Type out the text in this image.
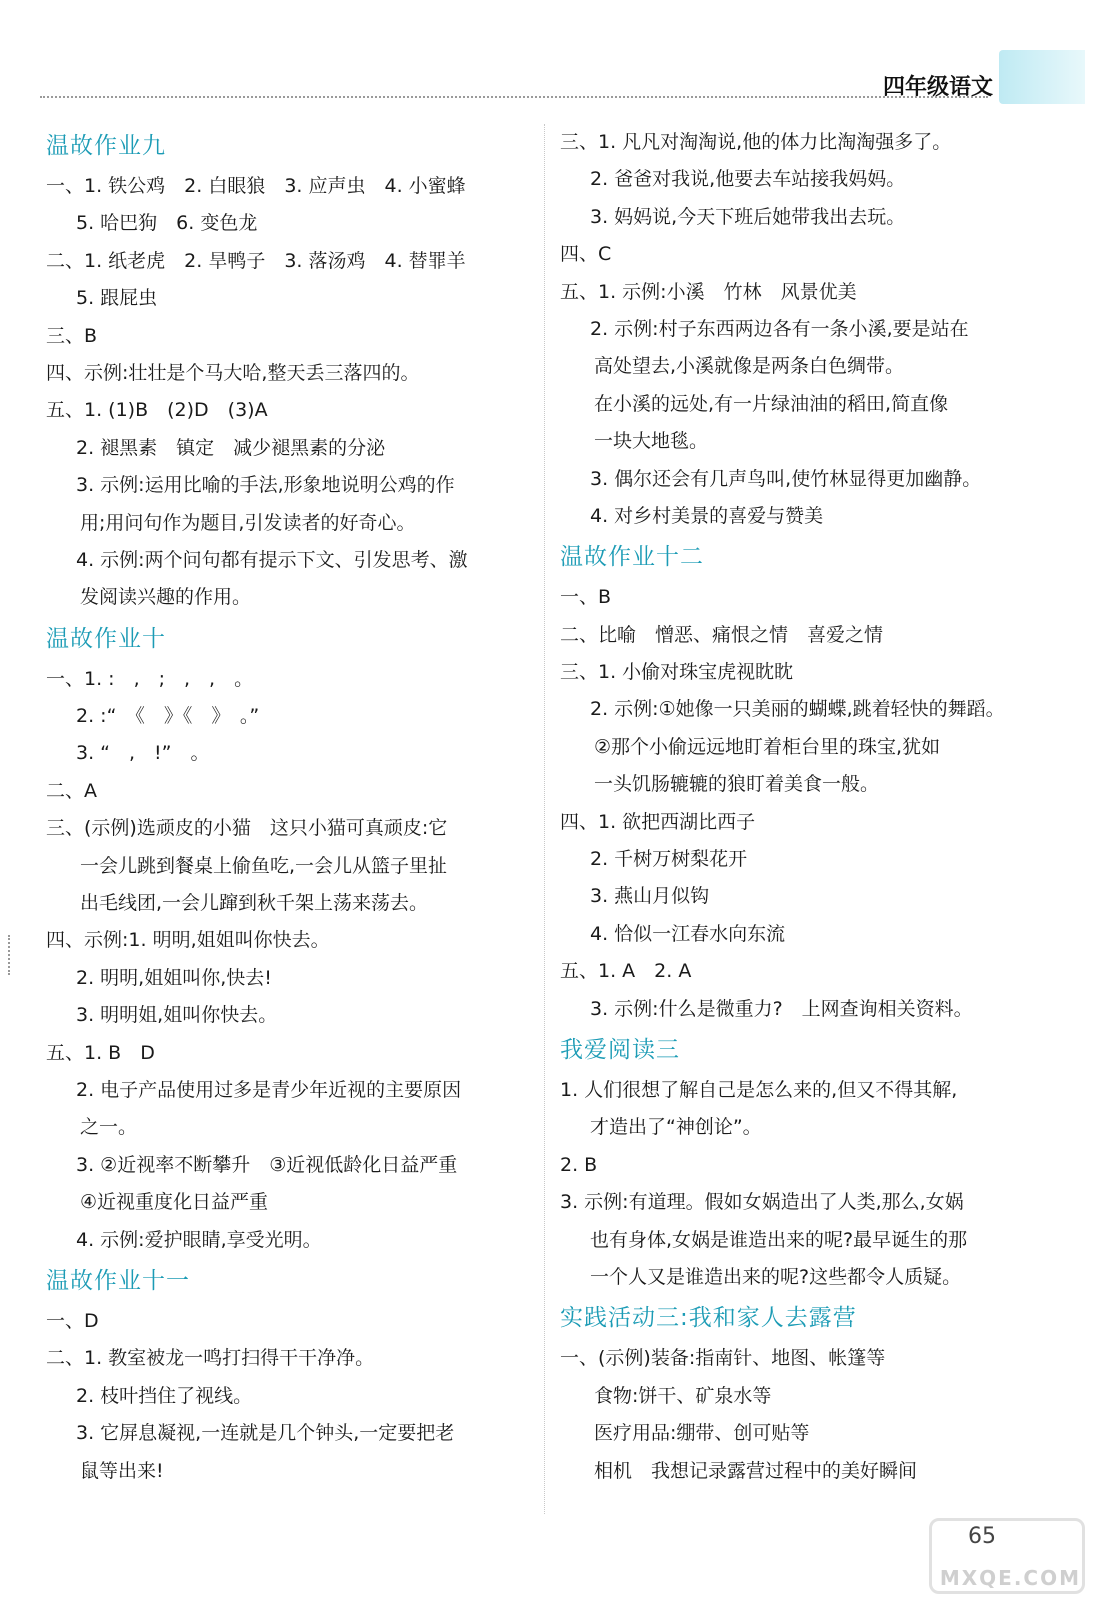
四年级语文
温故作业九
一、1. 铁公鸡　2. 白眼狼　3. 应声虫　4. 小蜜蜂
5. 哈巴狗　6. 变色龙
二、1. 纸老虎　2. 旱鸭子　3. 落汤鸡　4. 替罪羊
5. 跟屁虫
三、B
四、示例:壮壮是个马大哈,整天丢三落四的。
五、1. (1)B　(2)D　(3)A
2. 褪黑素　镇定　减少褪黑素的分泌
3. 示例:运用比喻的手法,形象地说明公鸡的作
用;用问句作为题目,引发读者的好奇心。
4. 示例:两个问句都有提示下文、引发思考、激
发阅读兴趣的作用。
温故作业十
一、1. :　,　;　,　,　。
2. :“　《　》《　》　。”
3. “　,　!”　。
二、A
三、(示例)选顽皮的小猫　这只小猫可真顽皮:它
一会儿跳到餐桌上偷鱼吃,一会儿从篮子里扯
出毛线团,一会儿蹿到秋千架上荡来荡去。
四、示例:1. 明明,姐姐叫你快去。
2. 明明,姐姐叫你,快去!
3. 明明姐,姐叫你快去。
五、1. B　D
2. 电子产品使用过多是青少年近视的主要原因
之一。
3. ②近视率不断攀升　③近视低龄化日益严重
④近视重度化日益严重
4. 示例:爱护眼睛,享受光明。
温故作业十一
一、D
二、1. 教室被龙一鸣打扫得干干净净。
2. 枝叶挡住了视线。
3. 它屏息凝视,一连就是几个钟头,一定要把老
鼠等出来!
三、1. 凡凡对淘淘说,他的体力比淘淘强多了。
2. 爸爸对我说,他要去车站接我妈妈。
3. 妈妈说,今天下班后她带我出去玩。
四、C
五、1. 示例:小溪　竹林　风景优美
2. 示例:村子东西两边各有一条小溪,要是站在
高处望去,小溪就像是两条白色绸带。
在小溪的远处,有一片绿油油的稻田,简直像
一块大地毯。
3. 偶尔还会有几声鸟叫,使竹林显得更加幽静。
4. 对乡村美景的喜爱与赞美
温故作业十二
一、B
二、比喻　憎恶、痛恨之情　喜爱之情
三、1. 小偷对珠宝虎视眈眈
2. 示例:①她像一只美丽的蝴蝶,跳着轻快的舞蹈。
②那个小偷远远地盯着柜台里的珠宝,犹如
一头饥肠辘辘的狼盯着美食一般。
四、1. 欲把西湖比西子
2. 千树万树梨花开
3. 燕山月似钩
4. 恰似一江春水向东流
五、1. A　2. A
3. 示例:什么是微重力?　上网查询相关资料。
我爱阅读三
1. 人们很想了解自己是怎么来的,但又不得其解,
才造出了“神创论”。
2. B
3. 示例:有道理。假如女娲造出了人类,那么,女娲
也有身体,女娲是谁造出来的呢?最早诞生的那
一个人又是谁造出来的呢?这些都令人质疑。
实践活动三:我和家人去露营
一、(示例)装备:指南针、地图、帐篷等
食物:饼干、矿泉水等
医疗用品:绷带、创可贴等
相机　我想记录露营过程中的美好瞬间
65
MXQE.COM
